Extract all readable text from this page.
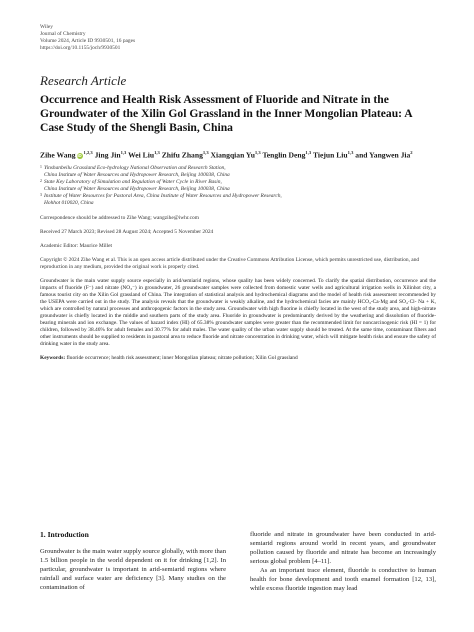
Wiley
Journal of Chemistry
Volume 2024, Article ID 9930501, 16 pages
https://doi.org/10.1155/joch/9930501
Research Article
Occurrence and Health Risk Assessment of Fluoride and Nitrate in the Groundwater of the Xilin Gol Grassland in the Inner Mongolian Plateau: A Case Study of the Shengli Basin, China
Zihe Wang iD$^{1,2,3}$ Jing Jin$^{1,3}$ Wei Liu$^{1,3}$ Zhifu Zhang$^{1,3}$ Xiangqian Yu$^{1,3}$ Tenglin Deng$^{1,3}$ Tiejun Liu$^{1,3}$ and Yangwen Jia$^2$
1 Yinshanbeilu Grassland Eco-hydrology National Observation and Research Station,
China Institute of Water Resources and Hydropower Research, Beijing 100038, China
2 State Key Laboratory of Simulation and Regulation of Water Cycle in River Basin,
China Institute of Water Resources and Hydropower Research, Beijing 100038, China
3 Institute of Water Resources for Pastoral Area, China Institute of Water Resources and Hydropower Research,
Hohhot 010020, China
Correspondence should be addressed to Zihe Wang; wangzihe@iwhr.com
Received 27 March 2023; Revised 28 August 2024; Accepted 5 November 2024
Academic Editor: Maurice Millet
Copyright © 2024 Zihe Wang et al. This is an open access article distributed under the Creative Commons Attribution License, which permits unrestricted use, distribution, and reproduction in any medium, provided the original work is properly cited.
Groundwater is the main water supply source especially in arid/semiarid regions, whose quality has been widely concerned. To clarify the spatial distribution, occurrence and the impacts of fluoride (F⁻) and nitrate (NO₃⁻) in groundwater, 26 groundwater samples were collected from domestic water wells and agricultural irrigation wells in Xilinhot city, a famous tourist city on the Xilin Gol grassland of China. The integration of statistical analysis and hydrochemical diagrams and the model of health risk assessment recommended by the USEPA were carried out in the study. The analysis reveals that the groundwater is weakly alkaline, and the hydrochemical facies are mainly HCO₃-Ca·Mg and SO₄·Cl- Na + K, which are controlled by natural processes and anthropogenic factors in the study area. Groundwater with high fluorine is chiefly located in the west of the study area, and high-nitrate groundwater is chiefly located in the middle and southern parts of the study area. Fluoride in groundwater is predominantly derived by the weathering and dissolution of fluoride-bearing minerals and ion exchange. The values of hazard index (HI) of 65.38% groundwater samples were greater than the recommended limit for noncarcinogenic risk (HI = 1) for children, followed by 38.46% for adult females and 30.77% for adult males. The water quality of the urban water supply should be treated. At the same time, contaminant filters and other instruments should be supplied to residents in pastoral area to reduce fluoride and nitrate concentration in drinking water, which will mitigate health risks and ensure the safety of drinking water in the study area.
Keywords: fluoride occurrence; health risk assessment; inner Mongolian plateau; nitrate pollution; Xilin Gol grassland
1. Introduction
Groundwater is the main water supply source globally, with more than 1.5 billion people in the world dependent on it for drinking [1,2]. In particular, groundwater is important in arid-semiarid regions where rainfall and surface water are deficiency [3]. Many studies on the contamination of
fluoride and nitrate in groundwater have been conducted in arid-semiarid regions around world in recent years, and groundwater pollution caused by fluoride and nitrate has become an increasingly serious global problem [4–11].
As an important trace element, fluoride is conductive to human health for bone development and tooth enamel formation [12, 13], while excess fluoride ingestion may lead
